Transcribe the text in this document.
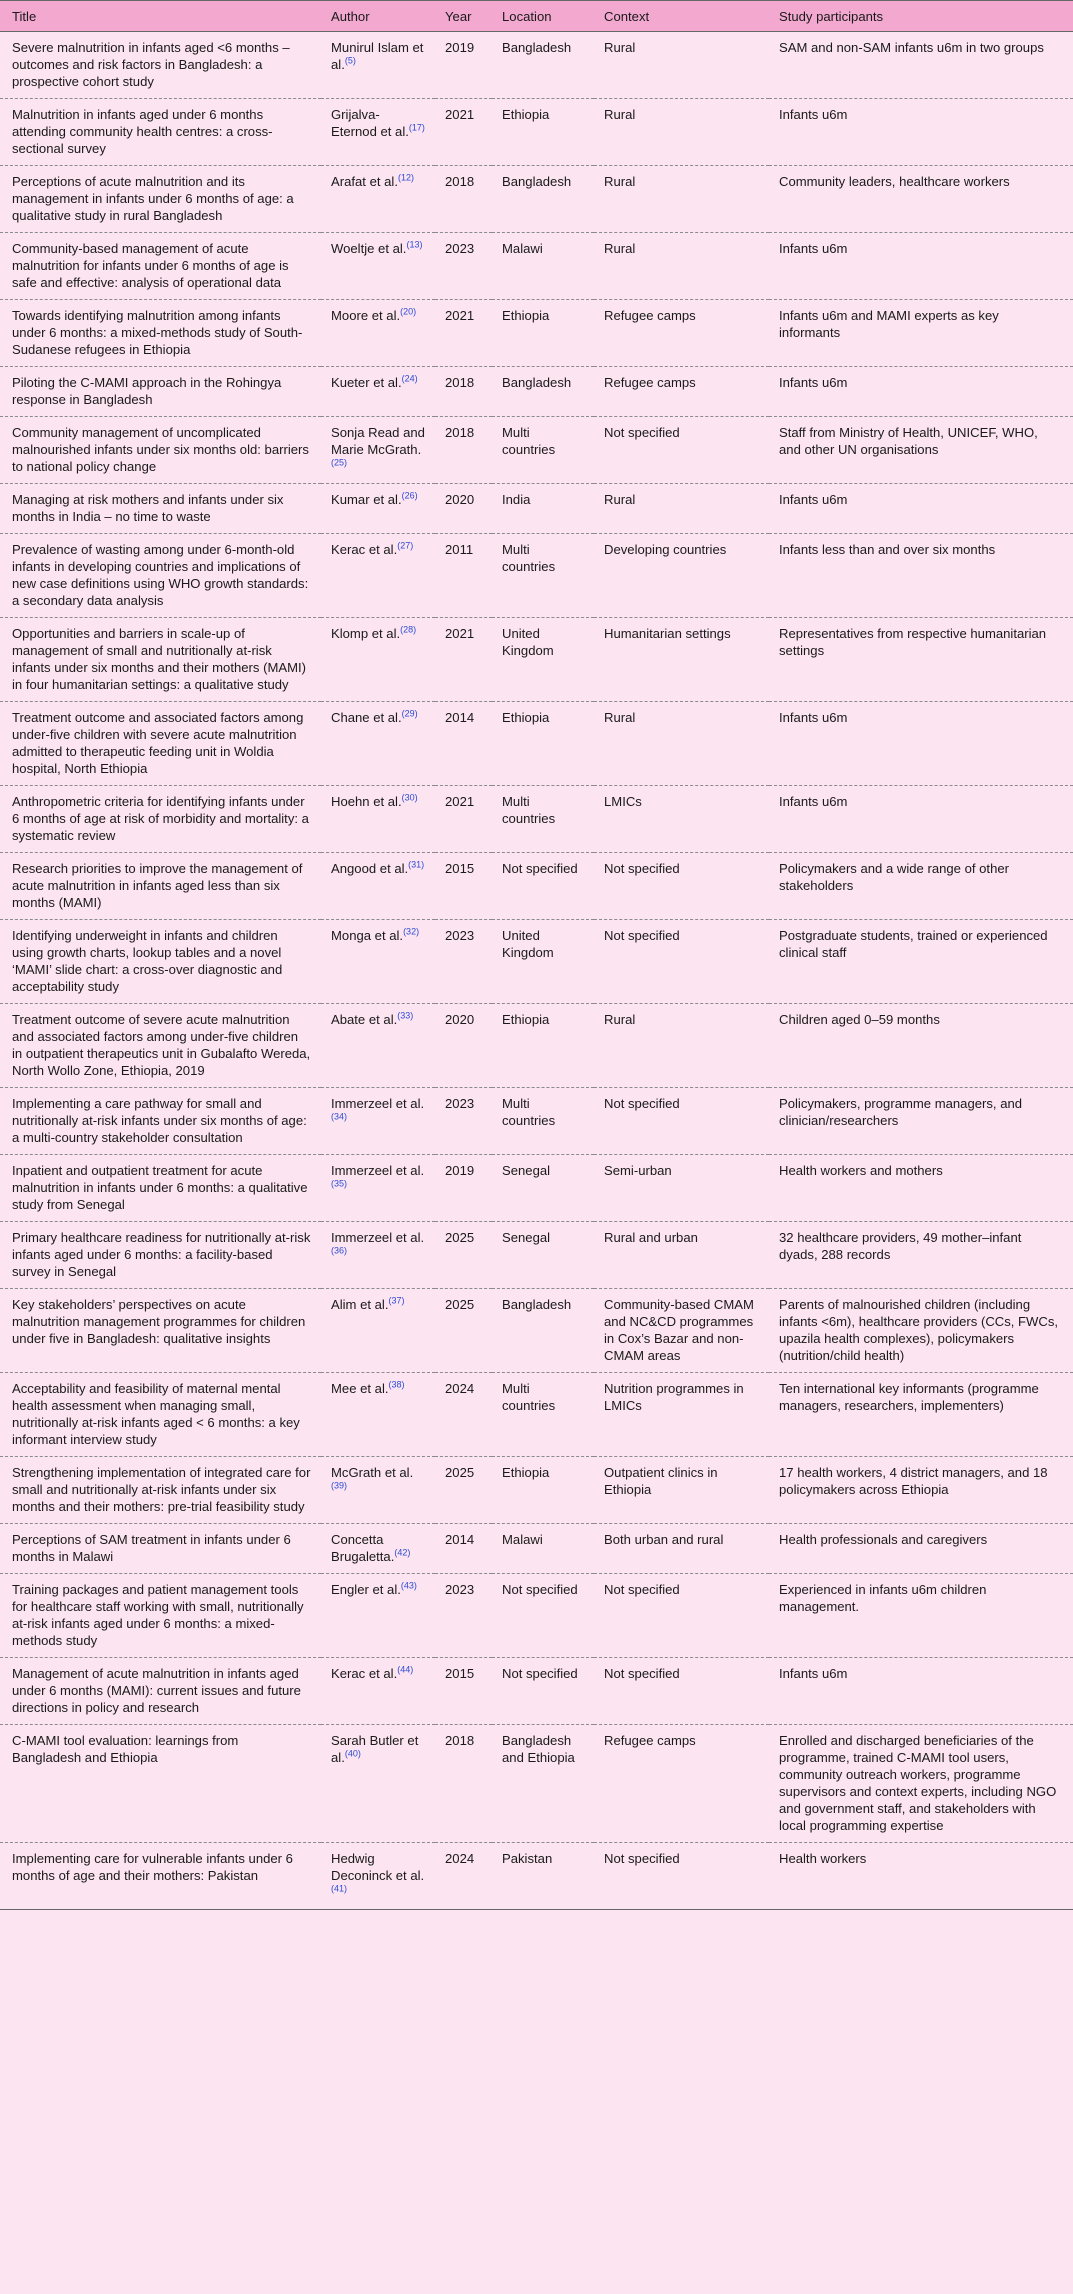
Title	Author	Year	Location	Context	Study participants
Severe malnutrition in infants aged <6 months – outcomes and risk factors in Bangladesh: a prospective cohort study	Munirul Islam et al.$^{(5)}$	2019	Bangladesh	Rural	SAM and non-SAM infants u6m in two groups
Malnutrition in infants aged under 6 months attending community health centres: a cross-sectional survey	Grijalva-Eternod et al.$^{(17)}$	2021	Ethiopia	Rural	Infants u6m
Perceptions of acute malnutrition and its management in infants under 6 months of age: a qualitative study in rural Bangladesh	Arafat et al.$^{(12)}$	2018	Bangladesh	Rural	Community leaders, healthcare workers
Community-based management of acute malnutrition for infants under 6 months of age is safe and effective: analysis of operational data	Woeltje et al.$^{(13)}$	2023	Malawi	Rural	Infants u6m
Towards identifying malnutrition among infants under 6 months: a mixed-methods study of South-Sudanese refugees in Ethiopia	Moore et al.$^{(20)}$	2021	Ethiopia	Refugee camps	Infants u6m and MAMI experts as key informants
Piloting the C-MAMI approach in the Rohingya response in Bangladesh	Kueter et al.$^{(24)}$	2018	Bangladesh	Refugee camps	Infants u6m
Community management of uncomplicated malnourished infants under six months old: barriers to national policy change	Sonja Read and Marie McGrath.$^{(25)}$	2018	Multi countries	Not specified	Staff from Ministry of Health, UNICEF, WHO, and other UN organisations
Managing at risk mothers and infants under six months in India – no time to waste	Kumar et al.$^{(26)}$	2020	India	Rural	Infants u6m
Prevalence of wasting among under 6-month-old infants in developing countries and implications of new case definitions using WHO growth standards: a secondary data analysis	Kerac et al.$^{(27)}$	2011	Multi countries	Developing countries	Infants less than and over six months
Opportunities and barriers in scale-up of management of small and nutritionally at-risk infants under six months and their mothers (MAMI) in four humanitarian settings: a qualitative study	Klomp et al.$^{(28)}$	2021	United Kingdom	Humanitarian settings	Representatives from respective humanitarian settings
Treatment outcome and associated factors among under-five children with severe acute malnutrition admitted to therapeutic feeding unit in Woldia hospital, North Ethiopia	Chane et al.$^{(29)}$	2014	Ethiopia	Rural	Infants u6m
Anthropometric criteria for identifying infants under 6 months of age at risk of morbidity and mortality: a systematic review	Hoehn et al.$^{(30)}$	2021	Multi countries	LMICs	Infants u6m
Research priorities to improve the management of acute malnutrition in infants aged less than six months (MAMI)	Angood et al.$^{(31)}$	2015	Not specified	Not specified	Policymakers and a wide range of other stakeholders
Identifying underweight in infants and children using growth charts, lookup tables and a novel ‘MAMI’ slide chart: a cross-over diagnostic and acceptability study	Monga et al.$^{(32)}$	2023	United Kingdom	Not specified	Postgraduate students, trained or experienced clinical staff
Treatment outcome of severe acute malnutrition and associated factors among under-five children in outpatient therapeutics unit in Gubalafto Wereda, North Wollo Zone, Ethiopia, 2019	Abate et al.$^{(33)}$	2020	Ethiopia	Rural	Children aged 0–59 months
Implementing a care pathway for small and nutritionally at-risk infants under six months of age: a multi-country stakeholder consultation	Immerzeel et al.$^{(34)}$	2023	Multi countries	Not specified	Policymakers, programme managers, and clinician/researchers
Inpatient and outpatient treatment for acute malnutrition in infants under 6 months: a qualitative study from Senegal	Immerzeel et al.$^{(35)}$	2019	Senegal	Semi-urban	Health workers and mothers
Primary healthcare readiness for nutritionally at-risk infants aged under 6 months: a facility-based survey in Senegal	Immerzeel et al.$^{(36)}$	2025	Senegal	Rural and urban	32 healthcare providers, 49 mother–infant dyads, 288 records
Key stakeholders’ perspectives on acute malnutrition management programmes for children under five in Bangladesh: qualitative insights	Alim et al.$^{(37)}$	2025	Bangladesh	Community-based CMAM and NC&CD programmes in Cox’s Bazar and non-CMAM areas	Parents of malnourished children (including infants <6m), healthcare providers (CCs, FWCs, upazila health complexes), policymakers (nutrition/child health)
Acceptability and feasibility of maternal mental health assessment when managing small, nutritionally at-risk infants aged < 6 months: a key informant interview study	Mee et al.$^{(38)}$	2024	Multi countries	Nutrition programmes in LMICs	Ten international key informants (programme managers, researchers, implementers)
Strengthening implementation of integrated care for small and nutritionally at-risk infants under six months and their mothers: pre-trial feasibility study	McGrath et al.$^{(39)}$	2025	Ethiopia	Outpatient clinics in Ethiopia	17 health workers, 4 district managers, and 18 policymakers across Ethiopia
Perceptions of SAM treatment in infants under 6 months in Malawi	Concetta Brugaletta.$^{(42)}$	2014	Malawi	Both urban and rural	Health professionals and caregivers
Training packages and patient management tools for healthcare staff working with small, nutritionally at-risk infants aged under 6 months: a mixed-methods study	Engler et al.$^{(43)}$	2023	Not specified	Not specified	Experienced in infants u6m children management.
Management of acute malnutrition in infants aged under 6 months (MAMI): current issues and future directions in policy and research	Kerac et al.$^{(44)}$	2015	Not specified	Not specified	Infants u6m
C-MAMI tool evaluation: learnings from Bangladesh and Ethiopia	Sarah Butler et al.$^{(40)}$	2018	Bangladesh and Ethiopia	Refugee camps	Enrolled and discharged beneficiaries of the programme, trained C-MAMI tool users, community outreach workers, programme supervisors and context experts, including NGO and government staff, and stakeholders with local programming expertise
Implementing care for vulnerable infants under 6 months of age and their mothers: Pakistan	Hedwig Deconinck et al.$^{(41)}$	2024	Pakistan	Not specified	Health workers
